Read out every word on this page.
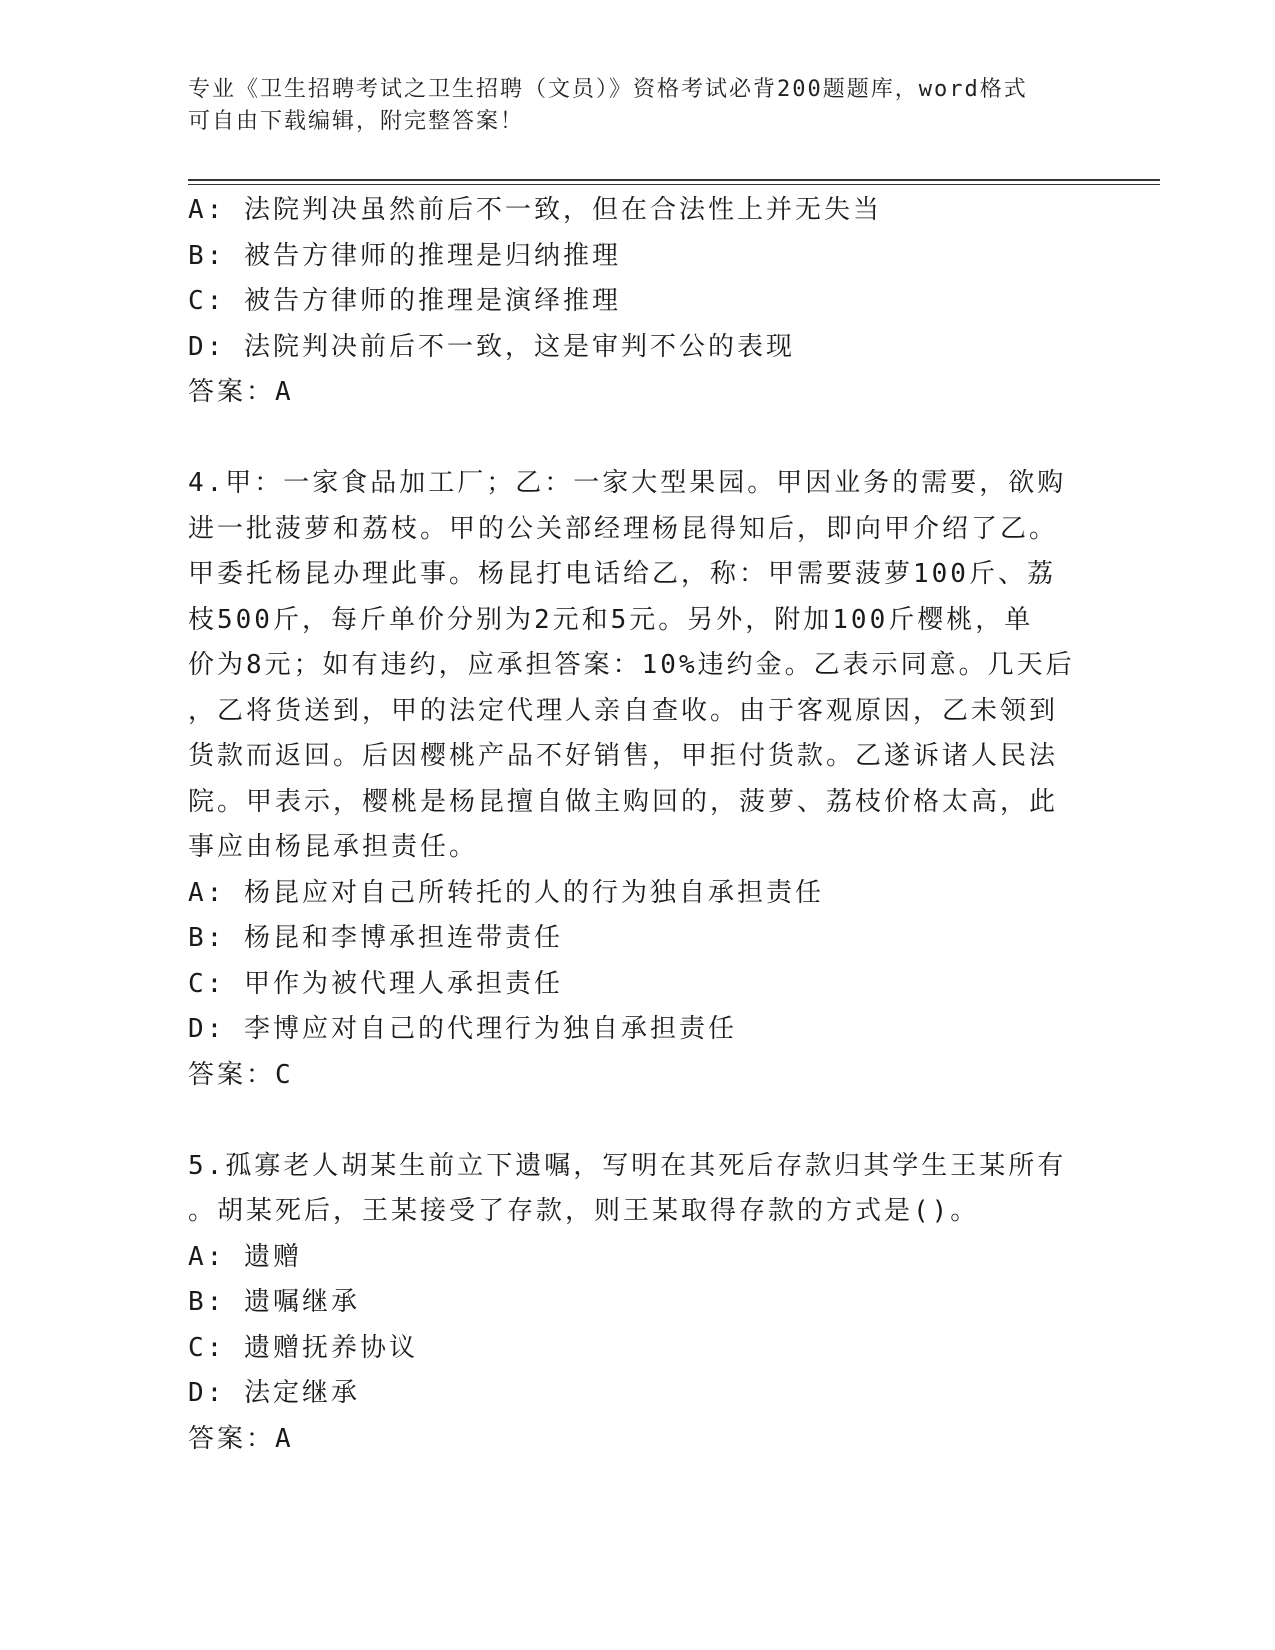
专业《卫生招聘考试之卫生招聘（文员）》资格考试必背200题题库，word格式
可自由下载编辑，附完整答案！
A: 法院判决虽然前后不一致，但在合法性上并无失当
B: 被告方律师的推理是归纳推理
C: 被告方律师的推理是演绎推理
D: 法院判决前后不一致，这是审判不公的表现
答案：A
4.甲：一家食品加工厂；乙：一家大型果园。甲因业务的需要，欲购
进一批菠萝和荔枝。甲的公关部经理杨昆得知后，即向甲介绍了乙。
甲委托杨昆办理此事。杨昆打电话给乙，称：甲需要菠萝100斤、荔
枝500斤，每斤单价分别为2元和5元。另外，附加100斤樱桃，单
价为8元；如有违约，应承担答案：10%违约金。乙表示同意。几天后
，乙将货送到，甲的法定代理人亲自查收。由于客观原因，乙未领到
货款而返回。后因樱桃产品不好销售，甲拒付货款。乙遂诉诸人民法
院。甲表示，樱桃是杨昆擅自做主购回的，菠萝、荔枝价格太高，此
事应由杨昆承担责任。
A: 杨昆应对自己所转托的人的行为独自承担责任
B: 杨昆和李博承担连带责任
C: 甲作为被代理人承担责任
D: 李博应对自己的代理行为独自承担责任
答案：C
5.孤寡老人胡某生前立下遗嘱，写明在其死后存款归其学生王某所有
。胡某死后，王某接受了存款，则王某取得存款的方式是()。
A: 遗赠
B: 遗嘱继承
C: 遗赠抚养协议
D: 法定继承
答案：A
